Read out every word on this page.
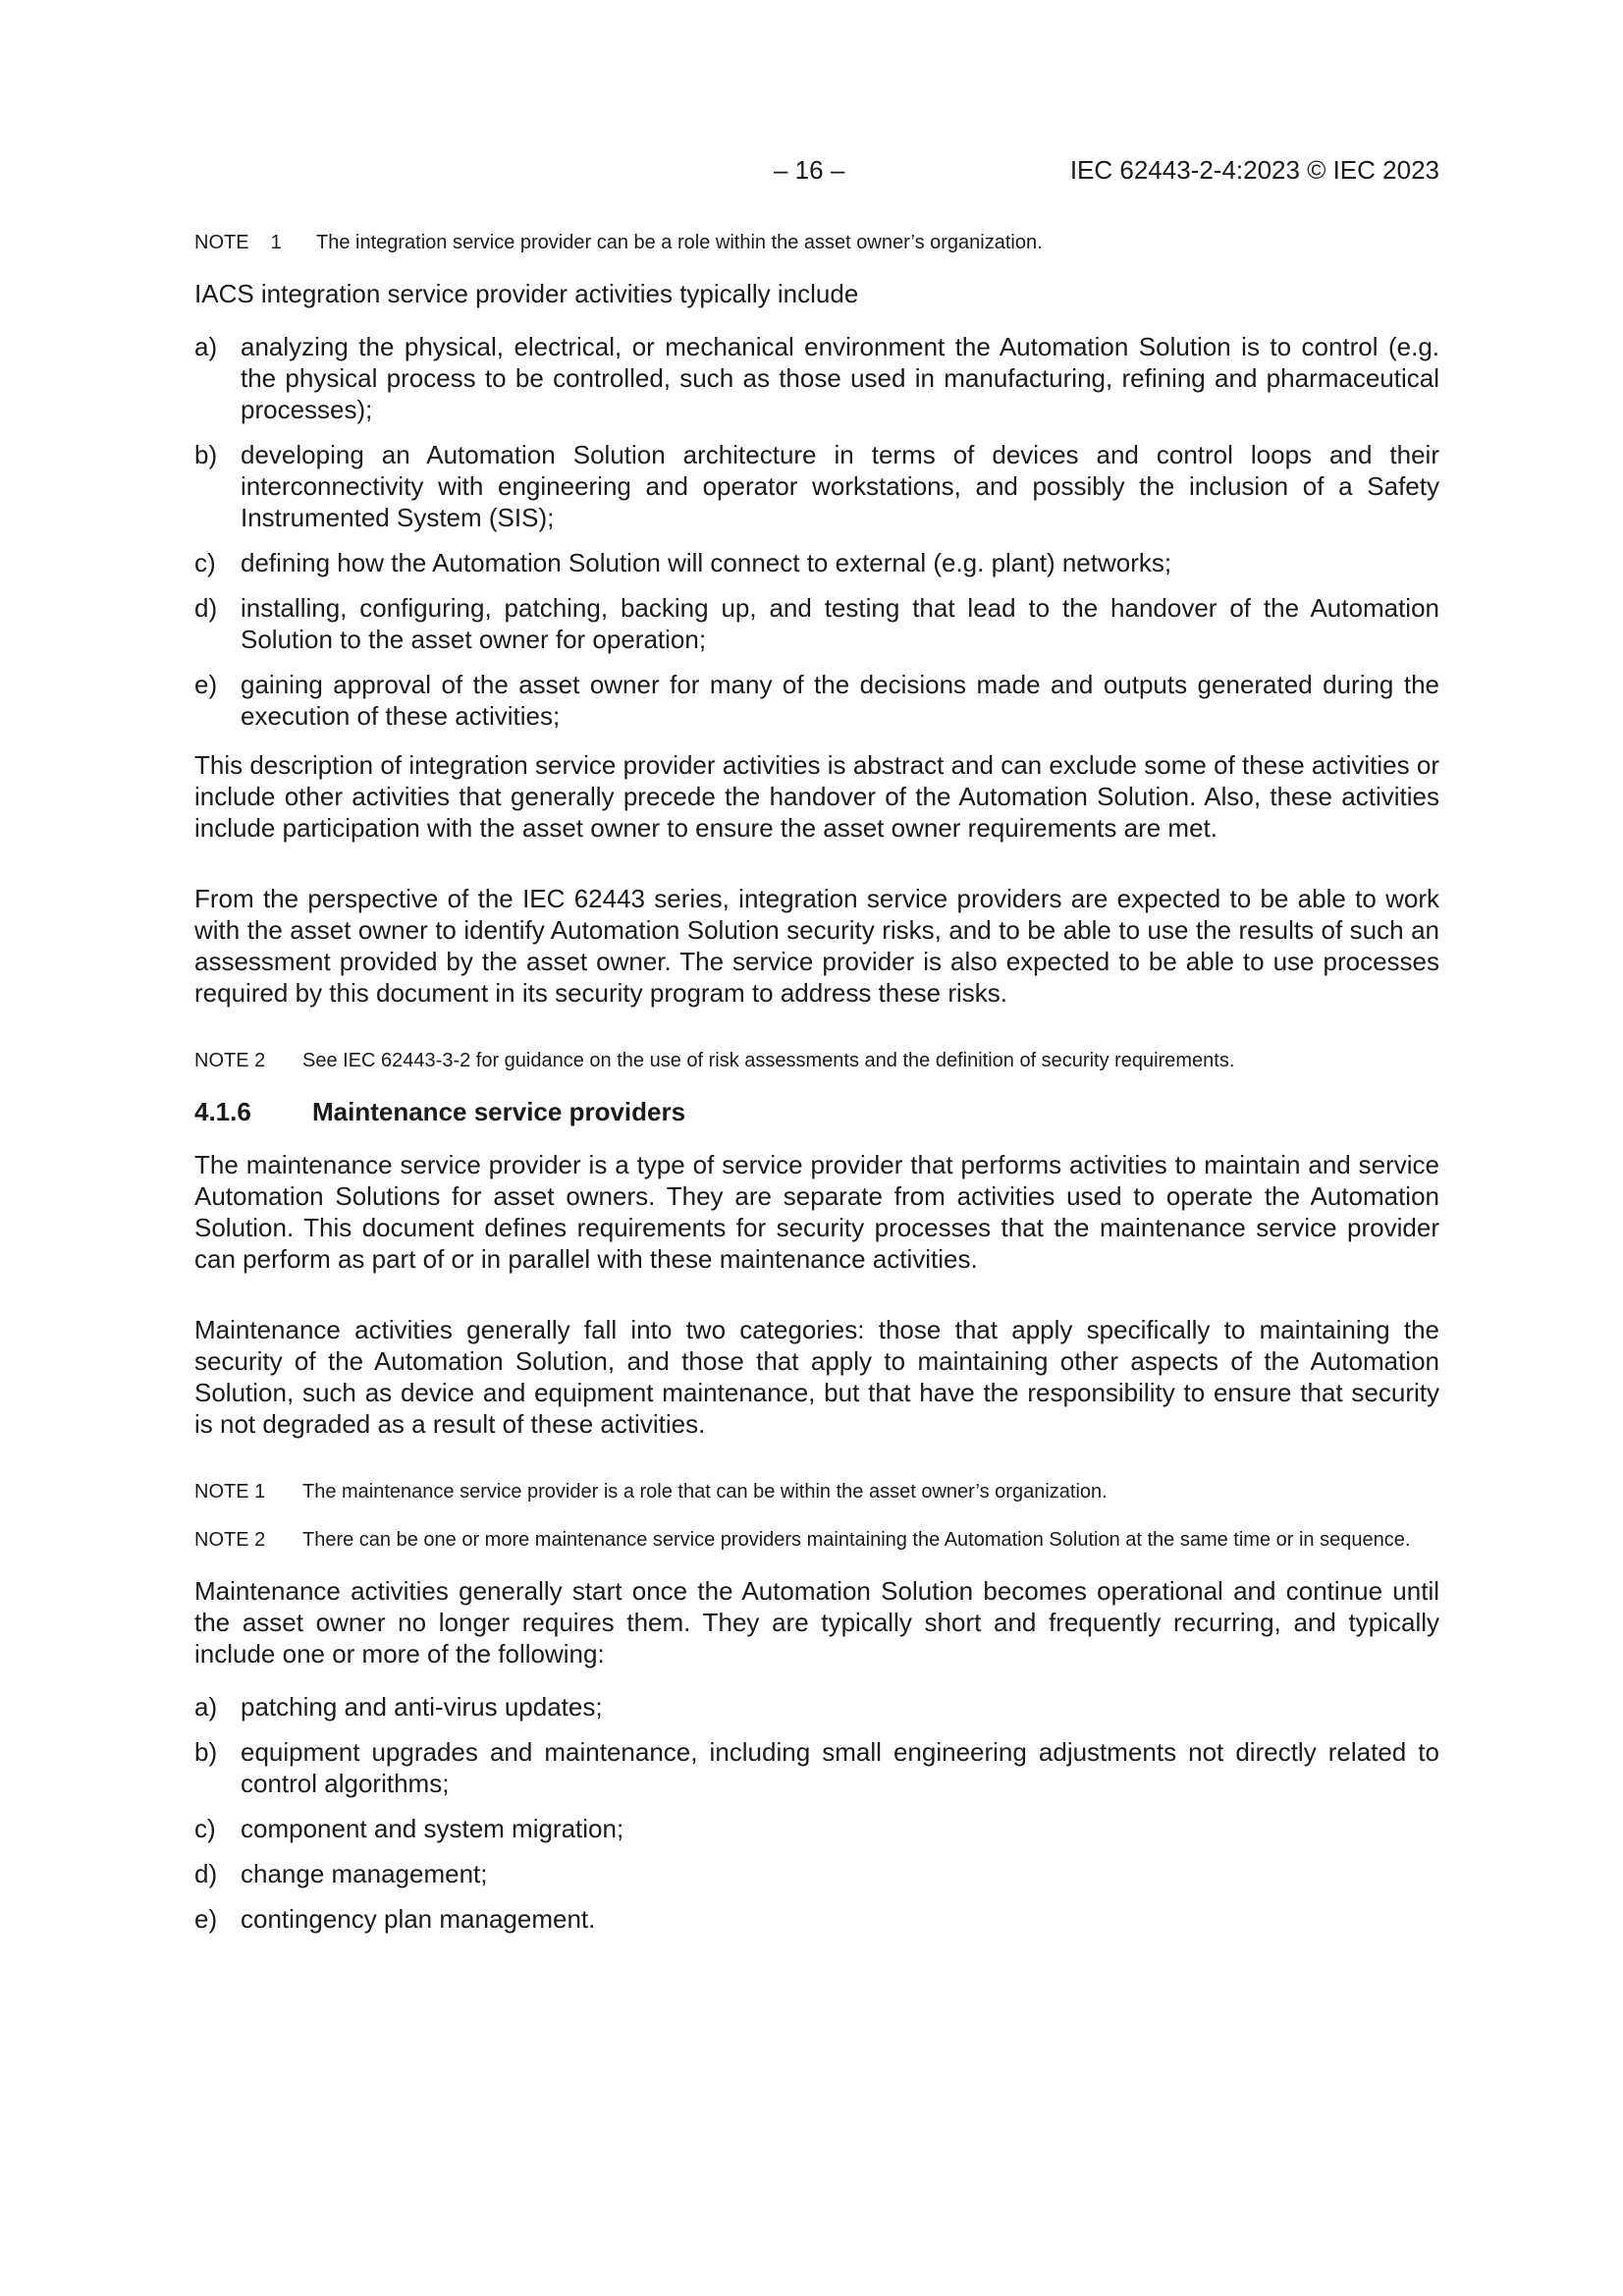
– 16 –	IEC 62443-2-4:2023 © IEC 2023

NOTE 1 The integration service provider can be a role within the asset owner’s organization.

IACS integration service provider activities typically include

a) analyzing the physical, electrical, or mechanical environment the Automation Solution is to control (e.g. the physical process to be controlled, such as those used in manufacturing, refining and pharmaceutical processes);
b) developing an Automation Solution architecture in terms of devices and control loops and their interconnectivity with engineering and operator workstations, and possibly the inclusion of a Safety Instrumented System (SIS);
c) defining how the Automation Solution will connect to external (e.g. plant) networks;
d) installing, configuring, patching, backing up, and testing that lead to the handover of the Automation Solution to the asset owner for operation;
e) gaining approval of the asset owner for many of the decisions made and outputs generated during the execution of these activities;

This description of integration service provider activities is abstract and can exclude some of these activities or include other activities that generally precede the handover of the Automation Solution. Also, these activities include participation with the asset owner to ensure the asset owner requirements are met.

From the perspective of the IEC 62443 series, integration service providers are expected to be able to work with the asset owner to identify Automation Solution security risks, and to be able to use the results of such an assessment provided by the asset owner. The service provider is also expected to be able to use processes required by this document in its security program to address these risks.

NOTE 2 See IEC 62443-3-2 for guidance on the use of risk assessments and the definition of security requirements.

4.1.6 Maintenance service providers

The maintenance service provider is a type of service provider that performs activities to maintain and service Automation Solutions for asset owners. They are separate from activities used to operate the Automation Solution. This document defines requirements for security processes that the maintenance service provider can perform as part of or in parallel with these maintenance activities.

Maintenance activities generally fall into two categories: those that apply specifically to maintaining the security of the Automation Solution, and those that apply to maintaining other aspects of the Automation Solution, such as device and equipment maintenance, but that have the responsibility to ensure that security is not degraded as a result of these activities.

NOTE 1 The maintenance service provider is a role that can be within the asset owner’s organization.

NOTE 2 There can be one or more maintenance service providers maintaining the Automation Solution at the same time or in sequence.

Maintenance activities generally start once the Automation Solution becomes operational and continue until the asset owner no longer requires them. They are typically short and frequently recurring, and typically include one or more of the following:

a) patching and anti-virus updates;
b) equipment upgrades and maintenance, including small engineering adjustments not directly related to control algorithms;
c) component and system migration;
d) change management;
e) contingency plan management.
